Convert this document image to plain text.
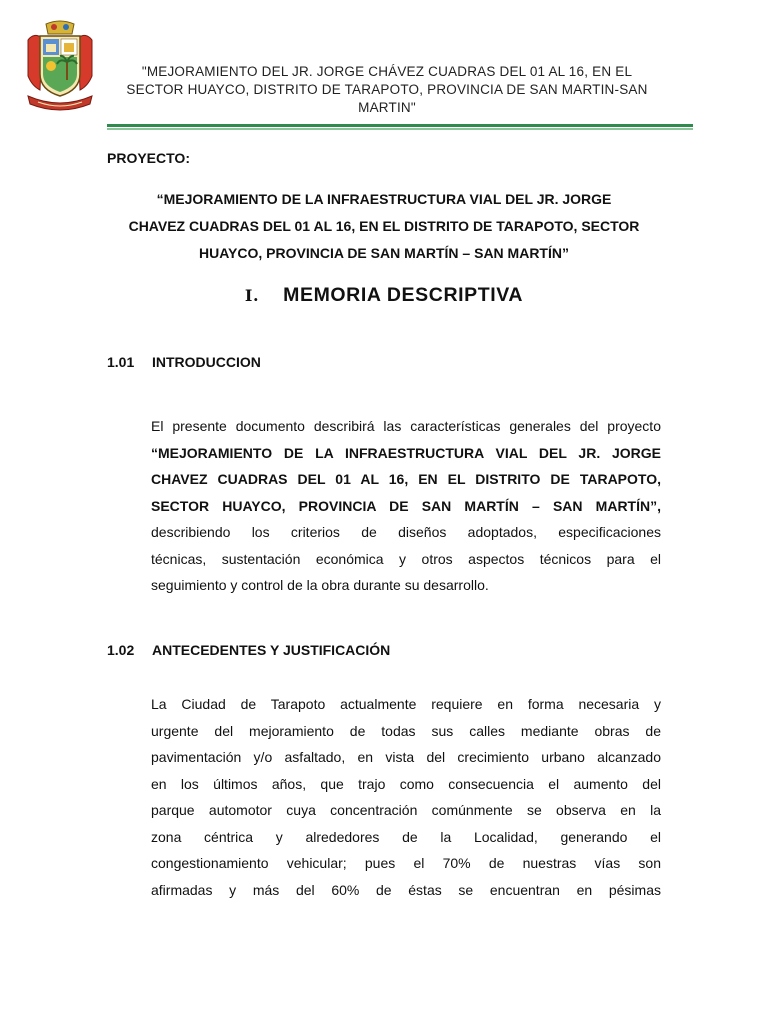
"MEJORAMIENTO DEL JR. JORGE CHÁVEZ CUADRAS DEL 01 AL 16, EN EL
SECTOR HUAYCO, DISTRITO DE TARAPOTO, PROVINCIA DE SAN MARTIN-SAN
MARTIN"
PROYECTO:
“MEJORAMIENTO DE LA INFRAESTRUCTURA VIAL DEL JR. JORGE
CHAVEZ CUADRAS DEL 01 AL 16, EN EL DISTRITO DE TARAPOTO, SECTOR
HUAYCO, PROVINCIA DE SAN MARTÍN – SAN MARTÍN”
I. MEMORIA DESCRIPTIVA
1.01 INTRODUCCION
El presente documento describirá las características generales del proyecto
“MEJORAMIENTO DE LA INFRAESTRUCTURA VIAL DEL JR. JORGE
CHAVEZ CUADRAS DEL 01 AL 16, EN EL DISTRITO DE TARAPOTO,
SECTOR HUAYCO, PROVINCIA DE SAN MARTÍN – SAN MARTÍN”,
describiendo los criterios de diseños adoptados, especificaciones
técnicas, sustentación económica y otros aspectos técnicos para el
seguimiento y control de la obra durante su desarrollo.
1.02 ANTECEDENTES Y JUSTIFICACIÓN
La Ciudad de Tarapoto actualmente requiere en forma necesaria y
urgente del mejoramiento de todas sus calles mediante obras de
pavimentación y/o asfaltado, en vista del crecimiento urbano alcanzado
en los últimos años, que trajo como consecuencia el aumento del
parque automotor cuya concentración comúnmente se observa en la
zona céntrica y alrededores de la Localidad, generando el
congestionamiento vehicular; pues el 70% de nuestras vías son
afirmadas y más del 60% de éstas se encuentran en pésimas
